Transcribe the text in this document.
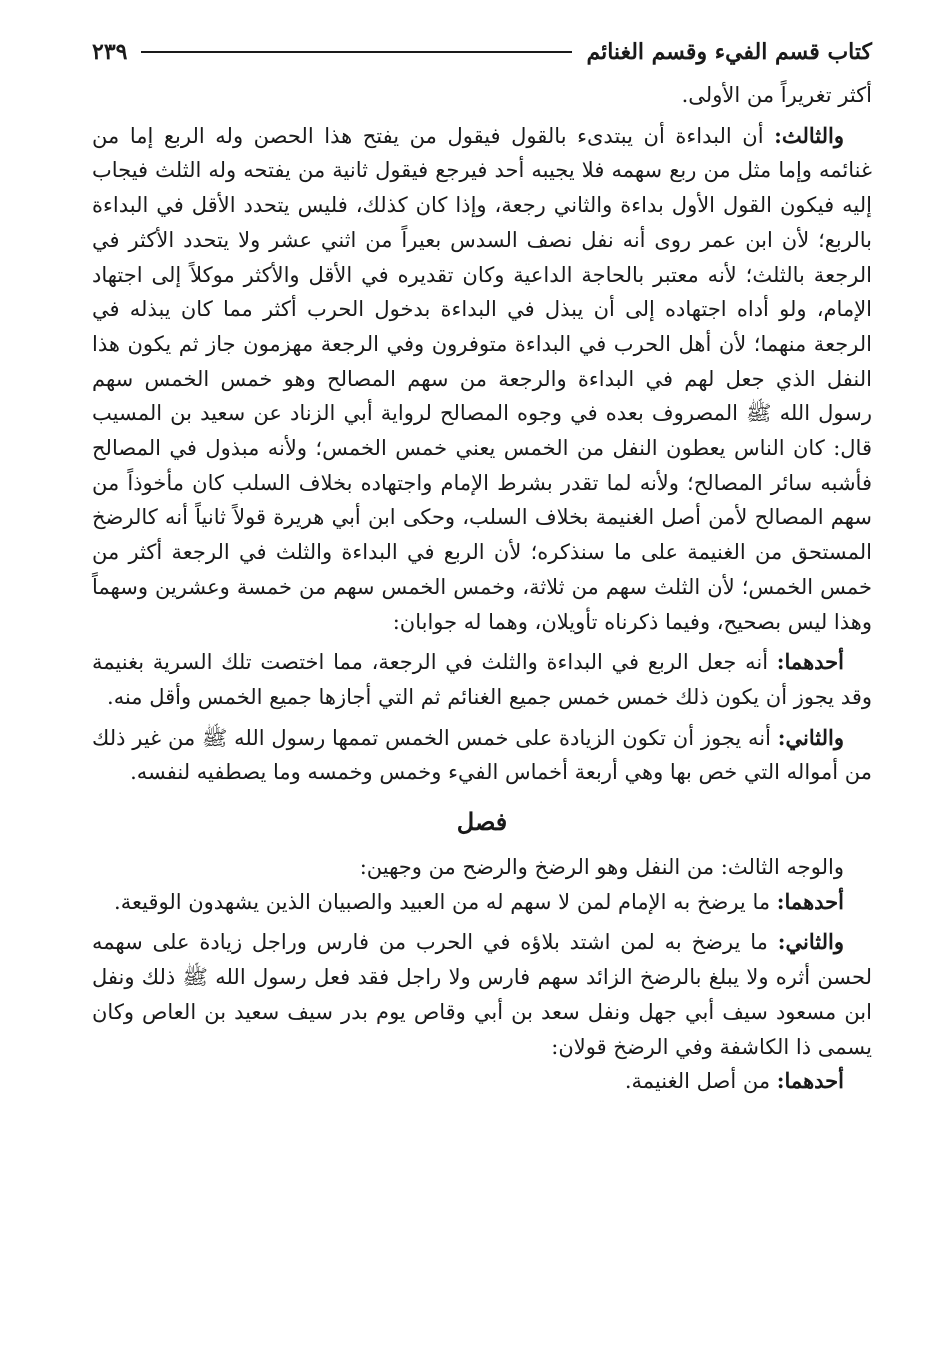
كتاب قسم الفيء وقسم الغنائم
٢٣٩

أكثر تغريراً من الأولى.

والثالث: أن البداءة أن يبتدىء بالقول فيقول من يفتح هذا الحصن وله الربع إما من غنائمه وإما مثل من ربع سهمه فلا يجيبه أحد فيرجع فيقول ثانية من يفتحه وله الثلث فيجاب إليه فيكون القول الأول بداءة والثاني رجعة، وإذا كان كذلك، فليس يتحدد الأقل في البداءة بالربع؛ لأن ابن عمر روى أنه نفل نصف السدس بعيراً من اثني عشر ولا يتحدد الأكثر في الرجعة بالثلث؛ لأنه معتبر بالحاجة الداعية وكان تقديره في الأقل والأكثر موكلاً إلى اجتهاد الإمام، ولو أداه اجتهاده إلى أن يبذل في البداءة بدخول الحرب أكثر مما كان يبذله في الرجعة منهما؛ لأن أهل الحرب في البداءة متوفرون وفي الرجعة مهزمون جاز ثم يكون هذا النفل الذي جعل لهم في البداءة والرجعة من سهم المصالح وهو خمس الخمس سهم رسول الله ﷺ المصروف بعده في وجوه المصالح لرواية أبي الزناد عن سعيد بن المسيب قال: كان الناس يعطون النفل من الخمس يعني خمس الخمس؛ ولأنه مبذول في المصالح فأشبه سائر المصالح؛ ولأنه لما تقدر بشرط الإمام واجتهاده بخلاف السلب كان مأخوذاً من سهم المصالح لأمن أصل الغنيمة بخلاف السلب، وحكى ابن أبي هريرة قولاً ثانياً أنه كالرضخ المستحق من الغنيمة على ما سنذكره؛ لأن الربع في البداءة والثلث في الرجعة أكثر من خمس الخمس؛ لأن الثلث سهم من ثلاثة، وخمس الخمس سهم من خمسة وعشرين وسهماً وهذا ليس بصحيح، وفيما ذكرناه تأويلان، وهما له جوابان:

أحدهما: أنه جعل الربع في البداءة والثلث في الرجعة، مما اختصت تلك السرية بغنيمة وقد يجوز أن يكون ذلك خمس خمس جميع الغنائم ثم التي أجازها جميع الخمس وأقل منه.

والثاني: أنه يجوز أن تكون الزيادة على خمس الخمس تممها رسول الله ﷺ من غير ذلك من أمواله التي خص بها وهي أربعة أخماس الفيء وخمس وخمسه وما يصطفيه لنفسه.

فصل

والوجه الثالث: من النفل وهو الرضخ والرضح من وجهين:

أحدهما: ما يرضخ به الإمام لمن لا سهم له من العبيد والصبيان الذين يشهدون الوقيعة.

والثاني: ما يرضخ به لمن اشتد بلاؤه في الحرب من فارس وراجل زيادة على سهمه لحسن أثره ولا يبلغ بالرضخ الزائد سهم فارس ولا راجل فقد فعل رسول الله ﷺ ذلك ونفل ابن مسعود سيف أبي جهل ونفل سعد بن أبي وقاص يوم بدر سيف سعيد بن العاص وكان يسمى ذا الكاشفة وفي الرضخ قولان:

أحدهما: من أصل الغنيمة.
